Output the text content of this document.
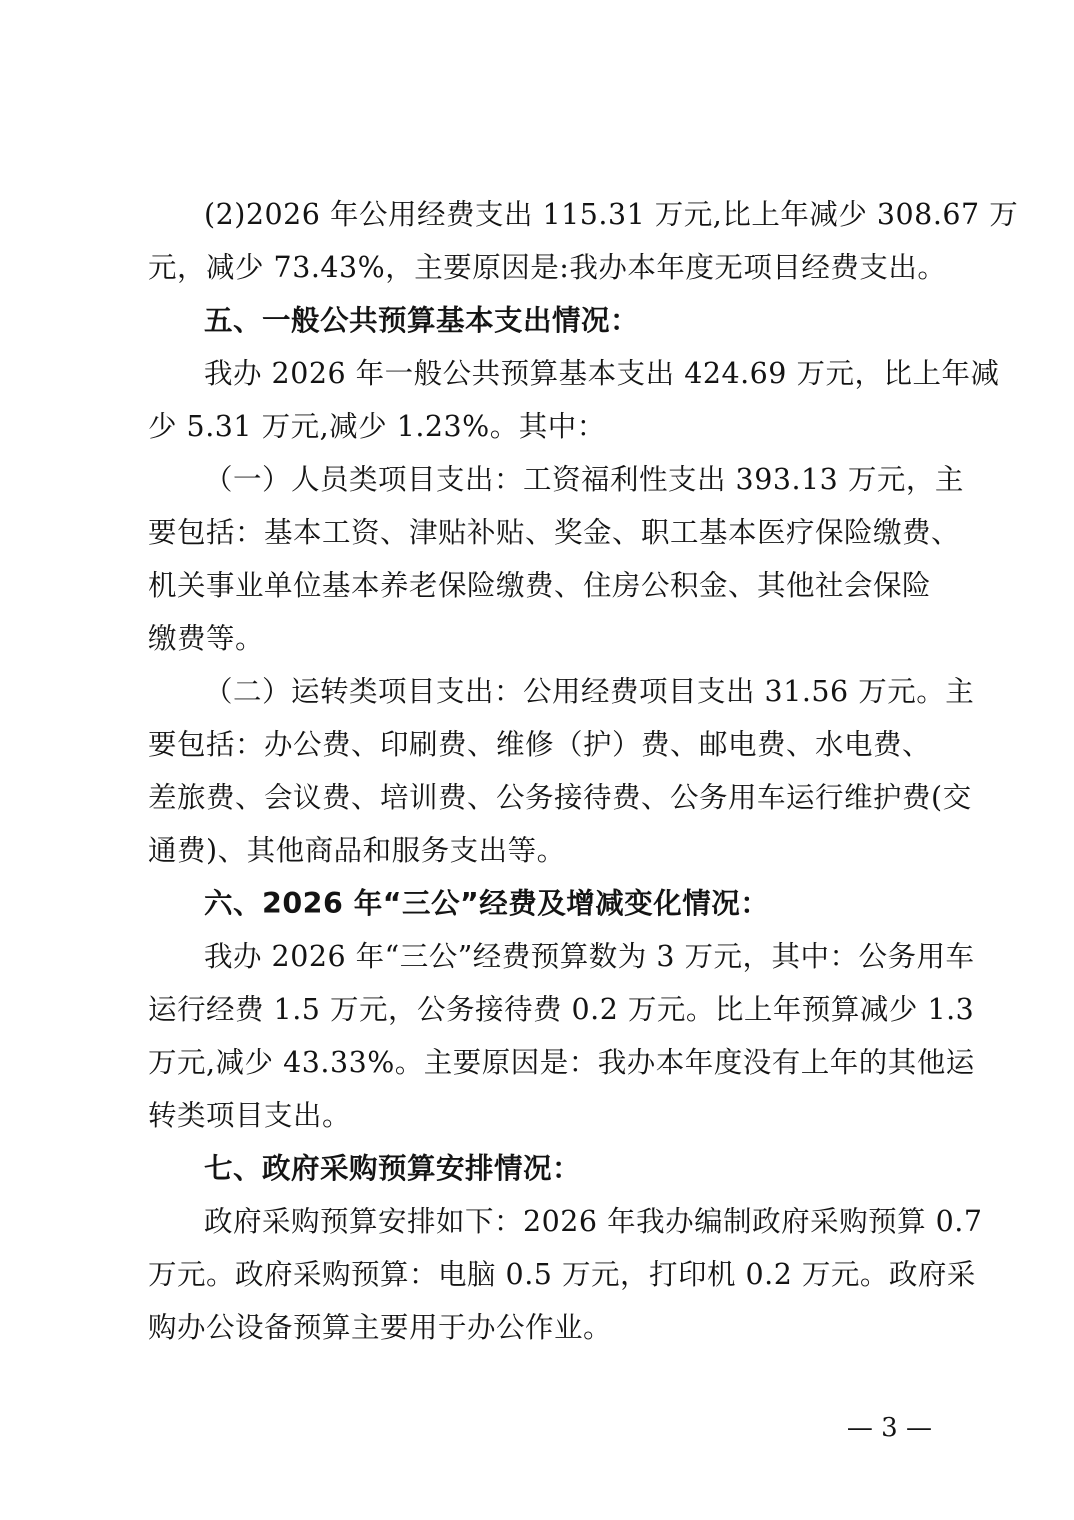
(2)2026 年公用经费支出 115.31 万元,比上年减少 308.67 万
元，减少 73.43%，主要原因是:我办本年度无项目经费支出。
五、一般公共预算基本支出情况：
我办 2026 年一般公共预算基本支出 424.69 万元，比上年减
少 5.31 万元,减少 1.23%。其中：
（一）人员类项目支出：工资福利性支出 393.13 万元，主
要包括：基本工资、津贴补贴、奖金、职工基本医疗保险缴费、
机关事业单位基本养老保险缴费、住房公积金、其他社会保险
缴费等。
（二）运转类项目支出：公用经费项目支出 31.56 万元。主
要包括：办公费、印刷费、维修（护）费、邮电费、水电费、
差旅费、会议费、培训费、公务接待费、公务用车运行维护费(交
通费)、其他商品和服务支出等。
六、2026 年“三公”经费及增减变化情况：
我办 2026 年“三公”经费预算数为 3 万元，其中：公务用车
运行经费 1.5 万元，公务接待费 0.2 万元。比上年预算减少 1.3
万元,减少 43.33%。主要原因是：我办本年度没有上年的其他运
转类项目支出。
七、政府采购预算安排情况：
政府采购预算安排如下：2026 年我办编制政府采购预算 0.7
万元。政府采购预算：电脑 0.5 万元，打印机 0.2 万元。政府采
购办公设备预算主要用于办公作业。
— 3 —
